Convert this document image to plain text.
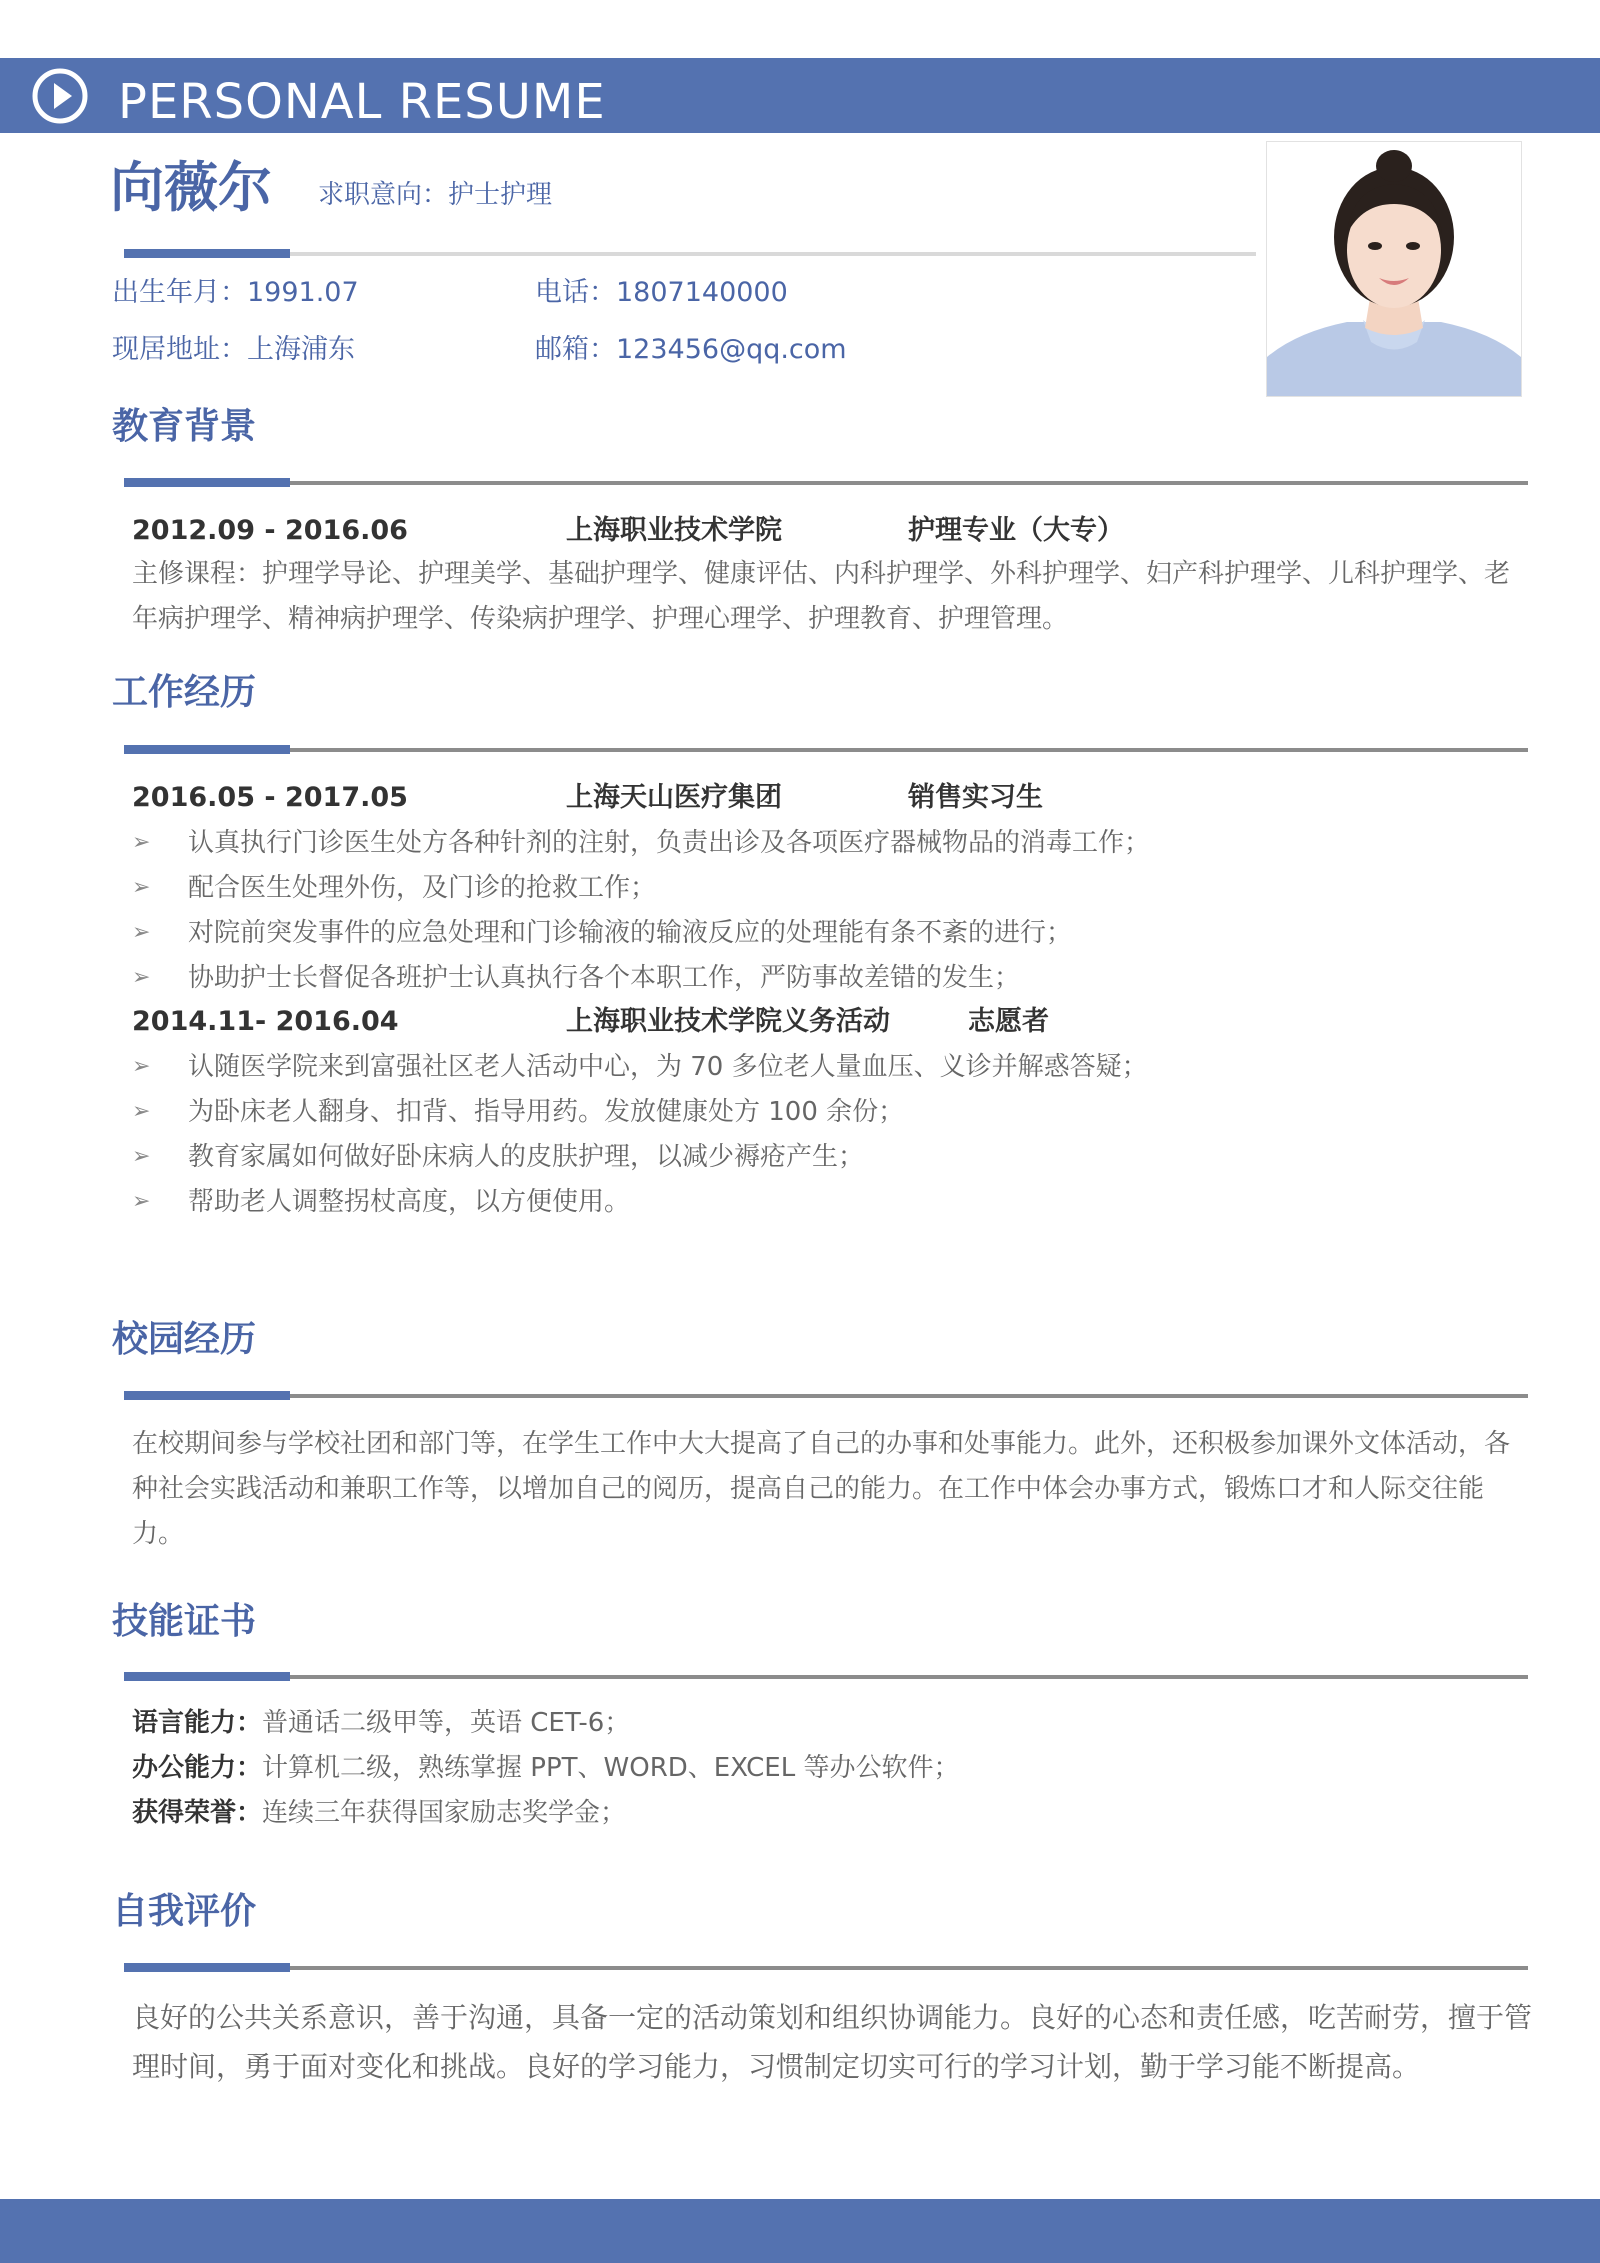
PERSONAL RESUME
向薇尔 求职意向：护士护理
出生年月：1991.07	电话：1807140000
现居地址：上海浦东	邮箱：123456@qq.com
教育背景
2012.09 - 2016.06	上海职业技术学院	护理专业（大专）
主修课程：护理学导论、护理美学、基础护理学、健康评估、内科护理学、外科护理学、妇产科护理学、儿科护理学、老年病护理学、精神病护理学、传染病护理学、护理心理学、护理教育、护理管理。
工作经历
2016.05 - 2017.05	上海天山医疗集团	销售实习生
➢ 认真执行门诊医生处方各种针剂的注射，负责出诊及各项医疗器械物品的消毒工作；
➢ 配合医生处理外伤，及门诊的抢救工作；
➢ 对院前突发事件的应急处理和门诊输液的输液反应的处理能有条不紊的进行；
➢ 协助护士长督促各班护士认真执行各个本职工作，严防事故差错的发生；
2014.11- 2016.04	上海职业技术学院义务活动	志愿者
➢ 认随医学院来到富强社区老人活动中心，为 70 多位老人量血压、义诊并解惑答疑；
➢ 为卧床老人翻身、扣背、指导用药。发放健康处方 100 余份；
➢ 教育家属如何做好卧床病人的皮肤护理，以减少褥疮产生；
➢ 帮助老人调整拐杖高度，以方便使用。
校园经历
在校期间参与学校社团和部门等，在学生工作中大大提高了自己的办事和处事能力。此外，还积极参加课外文体活动，各种社会实践活动和兼职工作等，以增加自己的阅历，提高自己的能力。在工作中体会办事方式，锻炼口才和人际交往能力。
技能证书
语言能力：普通话二级甲等，英语 CET-6；
办公能力：计算机二级，熟练掌握 PPT、WORD、EXCEL 等办公软件；
获得荣誉：连续三年获得国家励志奖学金；
自我评价
良好的公共关系意识，善于沟通，具备一定的活动策划和组织协调能力。良好的心态和责任感，吃苦耐劳，擅于管理时间，勇于面对变化和挑战。良好的学习能力，习惯制定切实可行的学习计划，勤于学习能不断提高。
